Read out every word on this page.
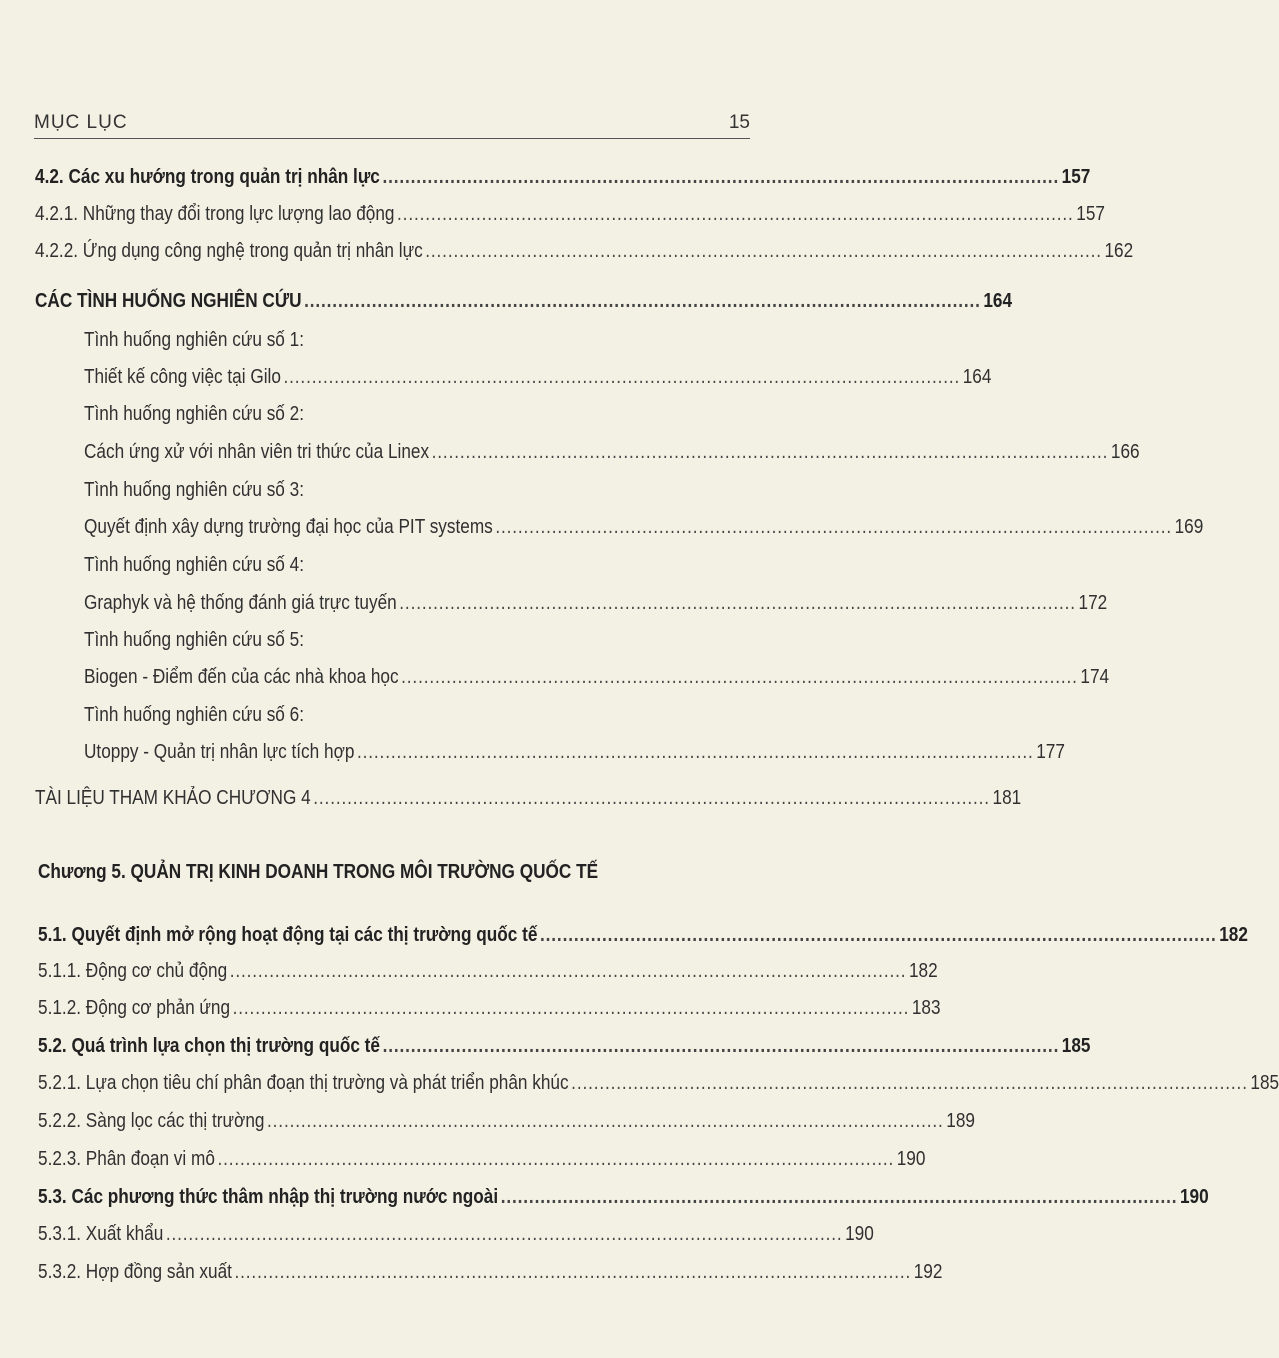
MỤC LỤC	15
4.2. Các xu hướng trong quản trị nhân lực ........................................................................................................................ 157
4.2.1. Những thay đổi trong lực lượng lao động ........................................................................................................................ 157
4.2.2. Ứng dụng công nghệ trong quản trị nhân lực ........................................................................................................................ 162
CÁC TÌNH HUỐNG NGHIÊN CỨU ........................................................................................................................ 164
Tình huống nghiên cứu số 1:
Thiết kế công việc tại Gilo ........................................................................................................................ 164
Tình huống nghiên cứu số 2:
Cách ứng xử với nhân viên tri thức của Linex ........................................................................................................................ 166
Tình huống nghiên cứu số 3:
Quyết định xây dựng trường đại học của PIT systems ........................................................................................................................ 169
Tình huống nghiên cứu số 4:
Graphyk và hệ thống đánh giá trực tuyến ........................................................................................................................ 172
Tình huống nghiên cứu số 5:
Biogen - Điểm đến của các nhà khoa học ........................................................................................................................ 174
Tình huống nghiên cứu số 6:
Utoppy - Quản trị nhân lực tích hợp ........................................................................................................................ 177
TÀI LIỆU THAM KHẢO CHƯƠNG 4 ........................................................................................................................ 181
Chương 5. QUẢN TRỊ KINH DOANH TRONG MÔI TRƯỜNG QUỐC TẾ
5.1. Quyết định mở rộng hoạt động tại các thị trường quốc tế ........................................................................................................................ 182
5.1.1. Động cơ chủ động ........................................................................................................................ 182
5.1.2. Động cơ phản ứng ........................................................................................................................ 183
5.2. Quá trình lựa chọn thị trường quốc tế ........................................................................................................................ 185
5.2.1. Lựa chọn tiêu chí phân đoạn thị trường và phát triển phân khúc ........................................................................................................................ 185
5.2.2. Sàng lọc các thị trường ........................................................................................................................ 189
5.2.3. Phân đoạn vi mô ........................................................................................................................ 190
5.3. Các phương thức thâm nhập thị trường nước ngoài ........................................................................................................................ 190
5.3.1. Xuất khẩu ........................................................................................................................ 190
5.3.2. Hợp đồng sản xuất ........................................................................................................................ 192
